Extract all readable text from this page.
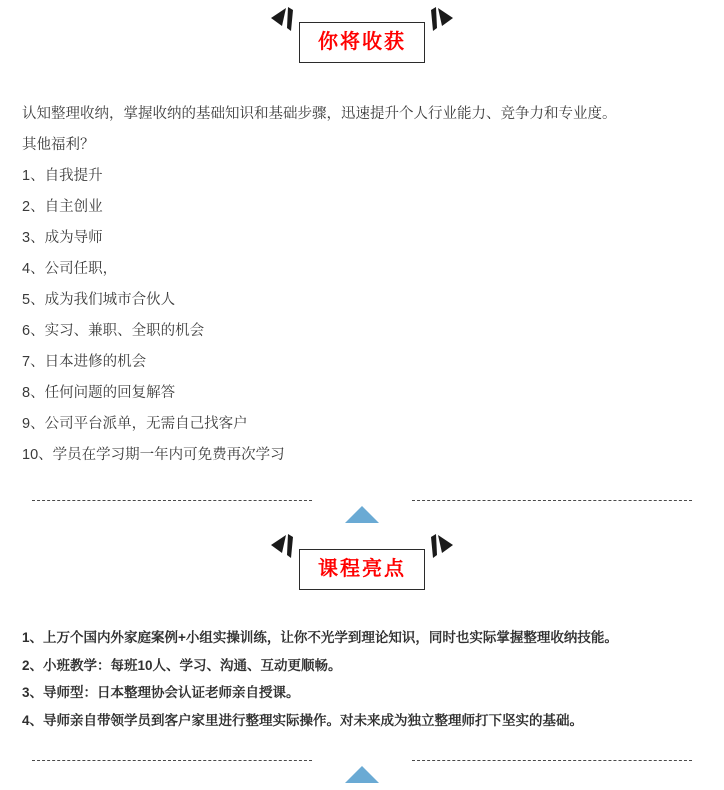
你将收获

认知整理收纳，掌握收纳的基础知识和基础步骤，迅速提升个人行业能力、竞争力和专业度。

其他福利？

1、自我提升
2、自主创业
3、成为导师
4、公司任职，
5、成为我们城市合伙人
6、实习、兼职、全职的机会
7、日本进修的机会
8、任何问题的回复解答
9、公司平台派单，无需自己找客户
10、学员在学习期一年内可免费再次学习
课程亮点
1、上万个国内外家庭案例+小组实操训练，让你不光学到理论知识，同时也实际掌握整理收纳技能。
2、小班教学：每班10人、学习、沟通、互动更顺畅。
3、导师型：日本整理协会认证老师亲自授课。
4、导师亲自带领学员到客户家里进行整理实际操作。对未来成为独立整理师打下坚实的基础。
